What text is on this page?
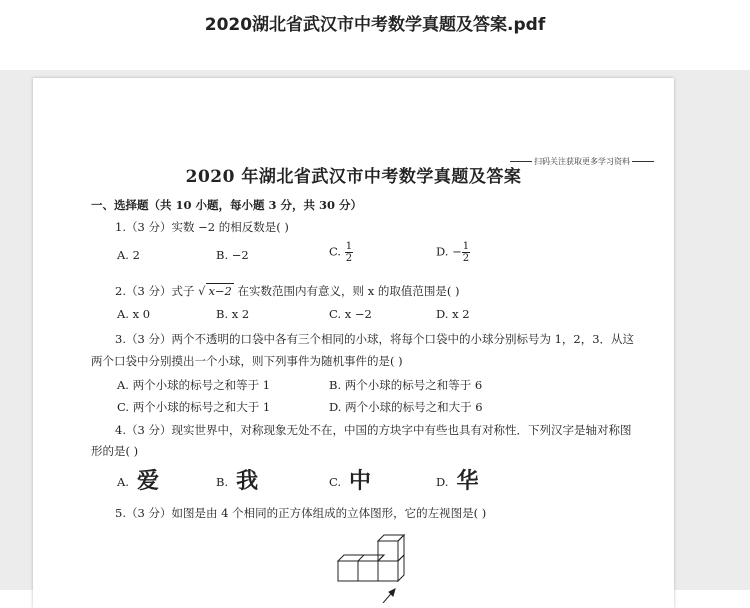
2020湖北省武汉市中考数学真题及答案.pdf
扫码关注获取更多学习资料
2020 年湖北省武汉市中考数学真题及答案
一、选择题（共 10 小题，每小题 3 分，共 30 分）
1.（3 分）实数 −2 的相反数是( )
A. 2	B. −2	C. $\frac{1}{2}$	D. − $\frac{1}{2}$
2.（3 分）式子 √ x−2 在实数范围内有意义，则 x 的取值范围是( )
A. x 0	B. x 2	C. x −2	D. x 2
3.（3 分）两个不透明的口袋中各有三个相同的小球，将每个口袋中的小球分别标号为 1，2，3．从这
两个口袋中分别摸出一个小球，则下列事件为随机事件的是( )
A. 两个小球的标号之和等于 1	B. 两个小球的标号之和等于 6
C. 两个小球的标号之和大于 1	D. 两个小球的标号之和大于 6
4.（3 分）现实世界中，对称现象无处不在，中国的方块字中有些也具有对称性．下列汉字是轴对称图
形的是( )
A. 爱	B. 我	C. 中	D. 华
5.（3 分）如图是由 4 个相同的正方体组成的立体图形，它的左视图是( )
